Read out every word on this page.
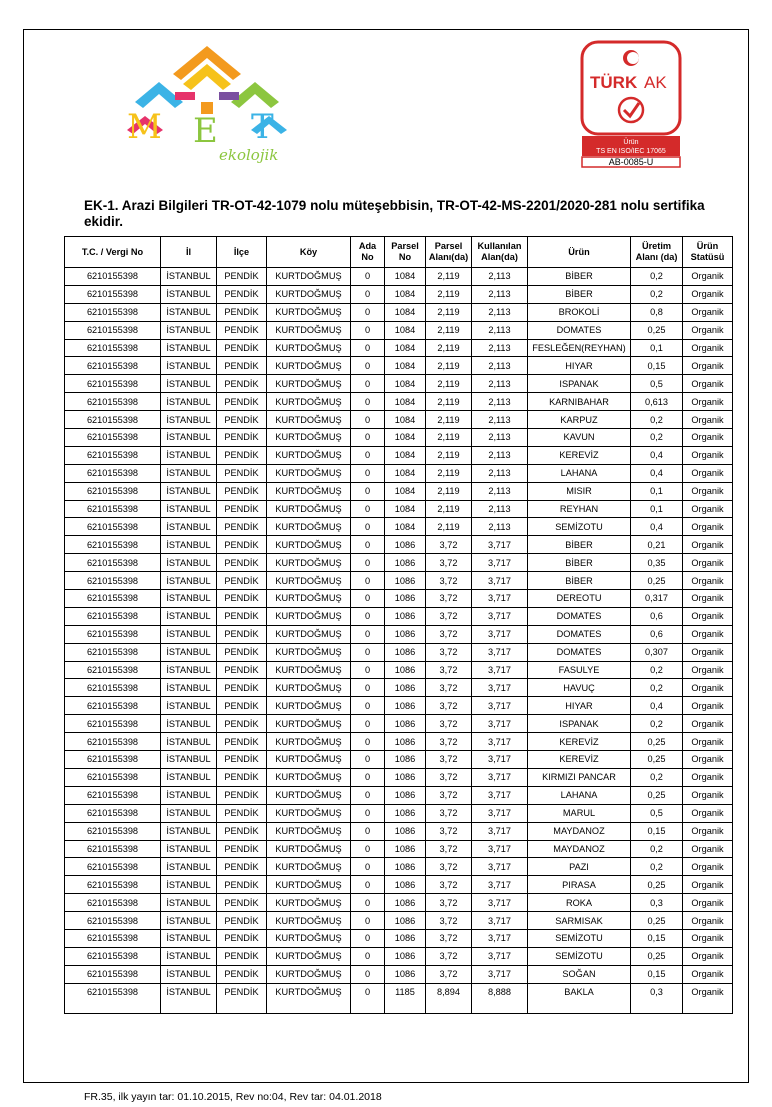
M E T
ekolojik
TÜRK AK
Ürün
TS EN ISO/IEC 17065
AB-0085-U
EK-1. Arazi Bilgileri TR-OT-42-1079 nolu müteşebbisin, TR-OT-42-MS-2201/2020-281 nolu sertifika ekidir.
T.C. / Vergi No	İl	İlçe	Köy	Ada No	Parsel No	Parsel Alanı(da)	Kullanılan Alan(da)	Ürün	Üretim Alanı (da)	Ürün Statüsü
6210155398	İSTANBUL	PENDİK	KURTDOĞMUŞ	0	1084	2,119	2,113	BİBER	0,2	Organik
6210155398	İSTANBUL	PENDİK	KURTDOĞMUŞ	0	1084	2,119	2,113	BİBER	0,2	Organik
6210155398	İSTANBUL	PENDİK	KURTDOĞMUŞ	0	1084	2,119	2,113	BROKOLİ	0,8	Organik
6210155398	İSTANBUL	PENDİK	KURTDOĞMUŞ	0	1084	2,119	2,113	DOMATES	0,25	Organik
6210155398	İSTANBUL	PENDİK	KURTDOĞMUŞ	0	1084	2,119	2,113	FESLEĞEN(REYHAN)	0,1	Organik
6210155398	İSTANBUL	PENDİK	KURTDOĞMUŞ	0	1084	2,119	2,113	HIYAR	0,15	Organik
6210155398	İSTANBUL	PENDİK	KURTDOĞMUŞ	0	1084	2,119	2,113	ISPANAK	0,5	Organik
6210155398	İSTANBUL	PENDİK	KURTDOĞMUŞ	0	1084	2,119	2,113	KARNIBAHAR	0,613	Organik
6210155398	İSTANBUL	PENDİK	KURTDOĞMUŞ	0	1084	2,119	2,113	KARPUZ	0,2	Organik
6210155398	İSTANBUL	PENDİK	KURTDOĞMUŞ	0	1084	2,119	2,113	KAVUN	0,2	Organik
6210155398	İSTANBUL	PENDİK	KURTDOĞMUŞ	0	1084	2,119	2,113	KEREVİZ	0,4	Organik
6210155398	İSTANBUL	PENDİK	KURTDOĞMUŞ	0	1084	2,119	2,113	LAHANA	0,4	Organik
6210155398	İSTANBUL	PENDİK	KURTDOĞMUŞ	0	1084	2,119	2,113	MISIR	0,1	Organik
6210155398	İSTANBUL	PENDİK	KURTDOĞMUŞ	0	1084	2,119	2,113	REYHAN	0,1	Organik
6210155398	İSTANBUL	PENDİK	KURTDOĞMUŞ	0	1084	2,119	2,113	SEMİZOTU	0,4	Organik
6210155398	İSTANBUL	PENDİK	KURTDOĞMUŞ	0	1086	3,72	3,717	BİBER	0,21	Organik
6210155398	İSTANBUL	PENDİK	KURTDOĞMUŞ	0	1086	3,72	3,717	BİBER	0,35	Organik
6210155398	İSTANBUL	PENDİK	KURTDOĞMUŞ	0	1086	3,72	3,717	BİBER	0,25	Organik
6210155398	İSTANBUL	PENDİK	KURTDOĞMUŞ	0	1086	3,72	3,717	DEREOTU	0,317	Organik
6210155398	İSTANBUL	PENDİK	KURTDOĞMUŞ	0	1086	3,72	3,717	DOMATES	0,6	Organik
6210155398	İSTANBUL	PENDİK	KURTDOĞMUŞ	0	1086	3,72	3,717	DOMATES	0,6	Organik
6210155398	İSTANBUL	PENDİK	KURTDOĞMUŞ	0	1086	3,72	3,717	DOMATES	0,307	Organik
6210155398	İSTANBUL	PENDİK	KURTDOĞMUŞ	0	1086	3,72	3,717	FASULYE	0,2	Organik
6210155398	İSTANBUL	PENDİK	KURTDOĞMUŞ	0	1086	3,72	3,717	HAVUÇ	0,2	Organik
6210155398	İSTANBUL	PENDİK	KURTDOĞMUŞ	0	1086	3,72	3,717	HIYAR	0,4	Organik
6210155398	İSTANBUL	PENDİK	KURTDOĞMUŞ	0	1086	3,72	3,717	ISPANAK	0,2	Organik
6210155398	İSTANBUL	PENDİK	KURTDOĞMUŞ	0	1086	3,72	3,717	KEREVİZ	0,25	Organik
6210155398	İSTANBUL	PENDİK	KURTDOĞMUŞ	0	1086	3,72	3,717	KEREVİZ	0,25	Organik
6210155398	İSTANBUL	PENDİK	KURTDOĞMUŞ	0	1086	3,72	3,717	KIRMIZI PANCAR	0,2	Organik
6210155398	İSTANBUL	PENDİK	KURTDOĞMUŞ	0	1086	3,72	3,717	LAHANA	0,25	Organik
6210155398	İSTANBUL	PENDİK	KURTDOĞMUŞ	0	1086	3,72	3,717	MARUL	0,5	Organik
6210155398	İSTANBUL	PENDİK	KURTDOĞMUŞ	0	1086	3,72	3,717	MAYDANOZ	0,15	Organik
6210155398	İSTANBUL	PENDİK	KURTDOĞMUŞ	0	1086	3,72	3,717	MAYDANOZ	0,2	Organik
6210155398	İSTANBUL	PENDİK	KURTDOĞMUŞ	0	1086	3,72	3,717	PAZI	0,2	Organik
6210155398	İSTANBUL	PENDİK	KURTDOĞMUŞ	0	1086	3,72	3,717	PIRASA	0,25	Organik
6210155398	İSTANBUL	PENDİK	KURTDOĞMUŞ	0	1086	3,72	3,717	ROKA	0,3	Organik
6210155398	İSTANBUL	PENDİK	KURTDOĞMUŞ	0	1086	3,72	3,717	SARMISAK	0,25	Organik
6210155398	İSTANBUL	PENDİK	KURTDOĞMUŞ	0	1086	3,72	3,717	SEMİZOTU	0,15	Organik
6210155398	İSTANBUL	PENDİK	KURTDOĞMUŞ	0	1086	3,72	3,717	SEMİZOTU	0,25	Organik
6210155398	İSTANBUL	PENDİK	KURTDOĞMUŞ	0	1086	3,72	3,717	SOĞAN	0,15	Organik
6210155398	İSTANBUL	PENDİK	KURTDOĞMUŞ	0	1185	8,894	8,888	BAKLA	0,3	Organik
FR.35, ilk yayın tar: 01.10.2015, Rev no:04, Rev tar: 04.01.2018
